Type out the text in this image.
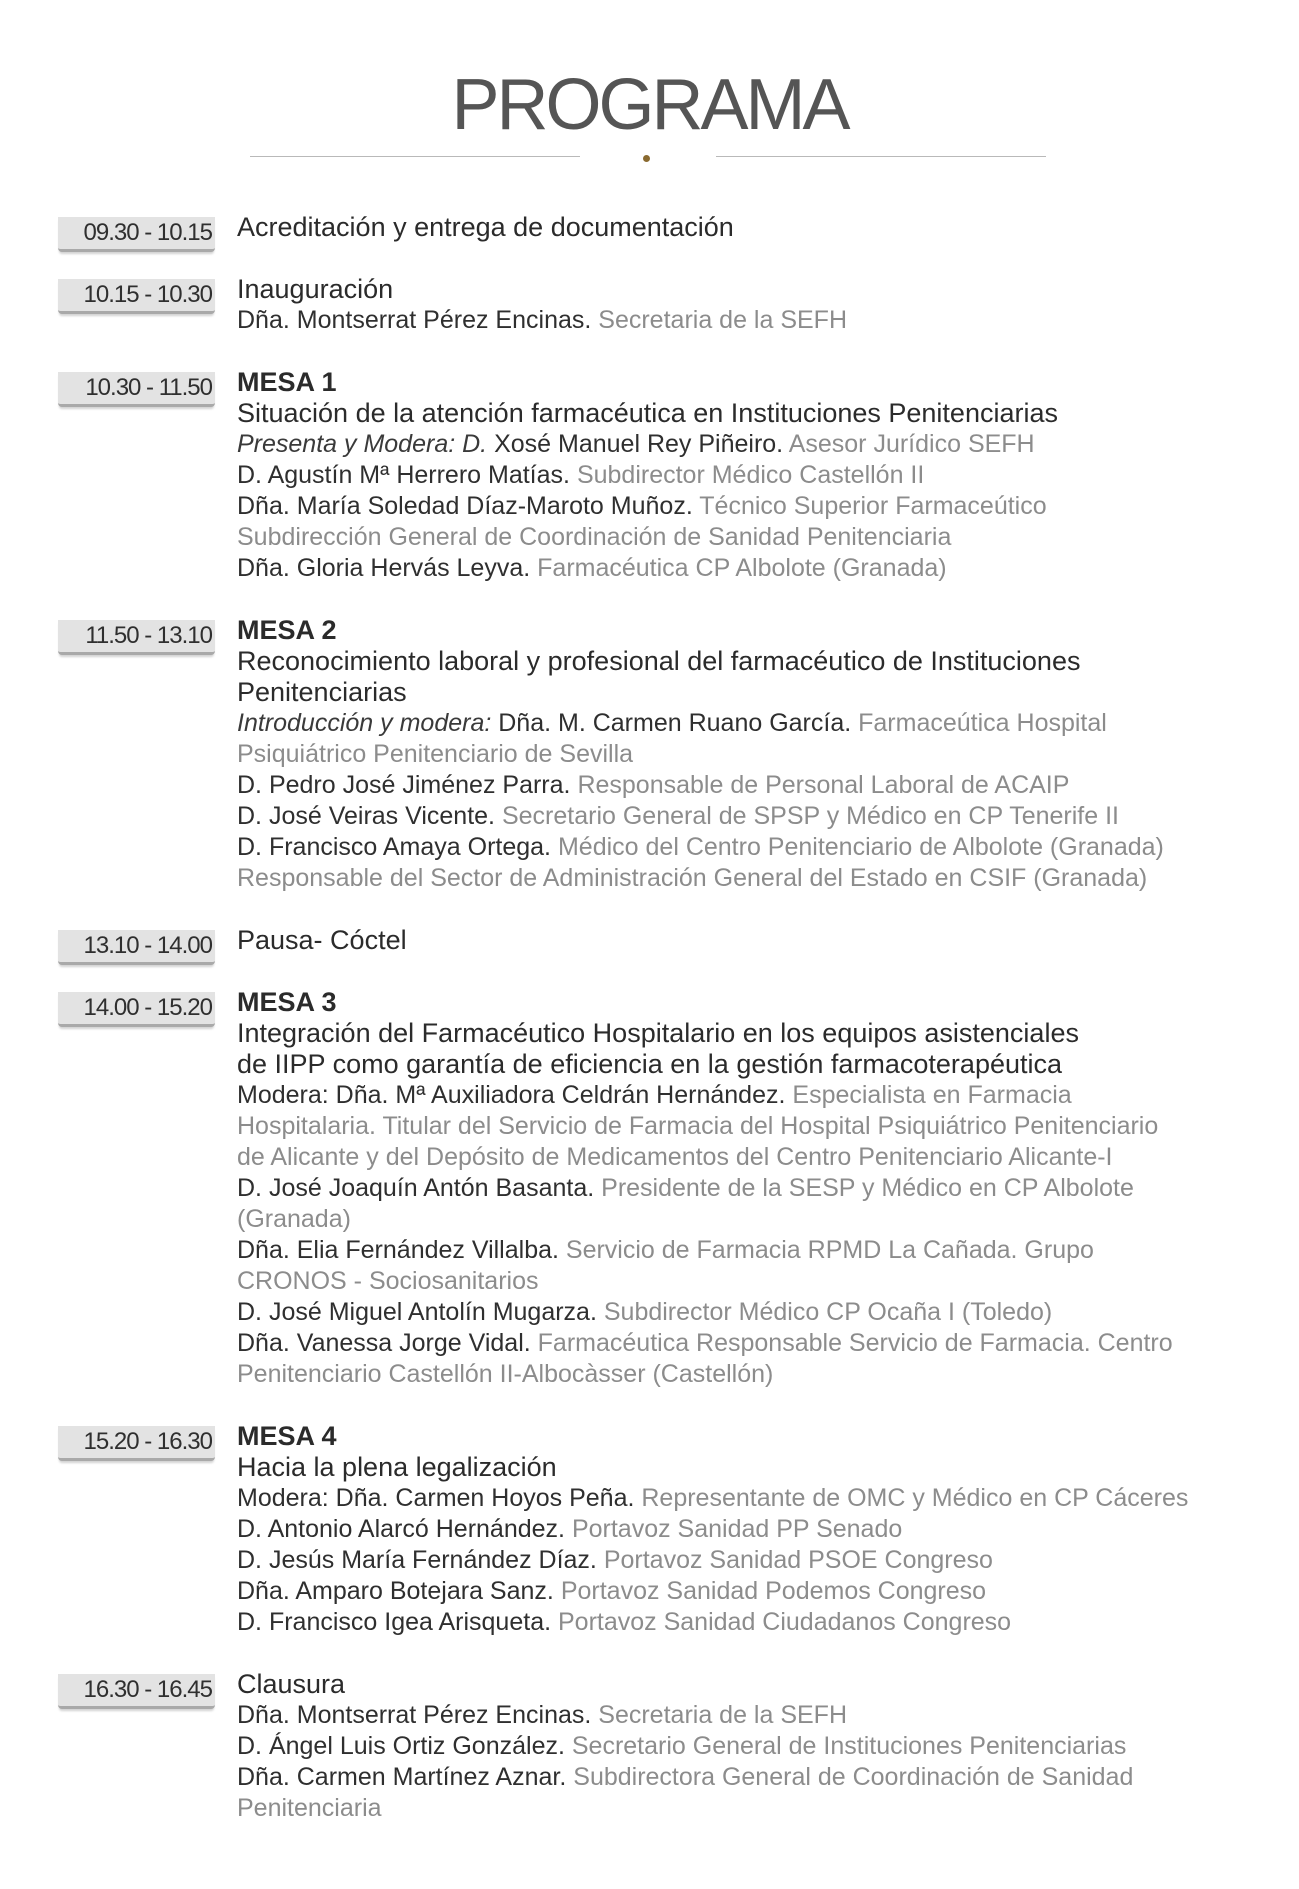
PROGRAMA
09.30 - 10.15 Acreditación y entrega de documentación
10.15 - 10.30 Inauguración
Dña. Montserrat Pérez Encinas. Secretaria de la SEFH
10.30 - 11.50 MESA 1
Situación de la atención farmacéutica en Instituciones Penitenciarias
Presenta y Modera: D. Xosé Manuel Rey Piñeiro. Asesor Jurídico SEFH
D. Agustín Mª Herrero Matías. Subdirector Médico Castellón II
Dña. María Soledad Díaz-Maroto Muñoz. Técnico Superior Farmaceútico
Subdirección General de Coordinación de Sanidad Penitenciaria
Dña. Gloria Hervás Leyva. Farmacéutica CP Albolote (Granada)
11.50 - 13.10 MESA 2
Reconocimiento laboral y profesional del farmacéutico de Instituciones
Penitenciarias
Introducción y modera: Dña. M. Carmen Ruano García. Farmaceútica Hospital
Psiquiátrico Penitenciario de Sevilla
D. Pedro José Jiménez Parra. Responsable de Personal Laboral de ACAIP
D. José Veiras Vicente. Secretario General de SPSP y Médico en CP Tenerife II
D. Francisco Amaya Ortega. Médico del Centro Penitenciario de Albolote (Granada)
Responsable del Sector de Administración General del Estado en CSIF (Granada)
13.10 - 14.00 Pausa- Cóctel
14.00 - 15.20 MESA 3
Integración del Farmacéutico Hospitalario en los equipos asistenciales
de IIPP como garantía de eficiencia en la gestión farmacoterapéutica
Modera: Dña. Mª Auxiliadora Celdrán Hernández. Especialista en Farmacia
Hospitalaria. Titular del Servicio de Farmacia del Hospital Psiquiátrico Penitenciario
de Alicante y del Depósito de Medicamentos del Centro Penitenciario Alicante-I
D. José Joaquín Antón Basanta. Presidente de la SESP y Médico en CP Albolote
(Granada)
Dña. Elia Fernández Villalba. Servicio de Farmacia RPMD La Cañada. Grupo
CRONOS - Sociosanitarios
D. José Miguel Antolín Mugarza. Subdirector Médico CP Ocaña I (Toledo)
Dña. Vanessa Jorge Vidal. Farmacéutica Responsable Servicio de Farmacia. Centro
Penitenciario Castellón II-Albocàsser (Castellón)
15.20 - 16.30 MESA 4
Hacia la plena legalización
Modera: Dña. Carmen Hoyos Peña. Representante de OMC y Médico en CP Cáceres
D. Antonio Alarcó Hernández. Portavoz Sanidad PP Senado
D. Jesús María Fernández Díaz. Portavoz Sanidad PSOE Congreso
Dña. Amparo Botejara Sanz. Portavoz Sanidad Podemos Congreso
D. Francisco Igea Arisqueta. Portavoz Sanidad Ciudadanos Congreso
16.30 - 16.45 Clausura
Dña. Montserrat Pérez Encinas. Secretaria de la SEFH
D. Ángel Luis Ortiz González. Secretario General de Instituciones Penitenciarias
Dña. Carmen Martínez Aznar. Subdirectora General de Coordinación de Sanidad
Penitenciaria
